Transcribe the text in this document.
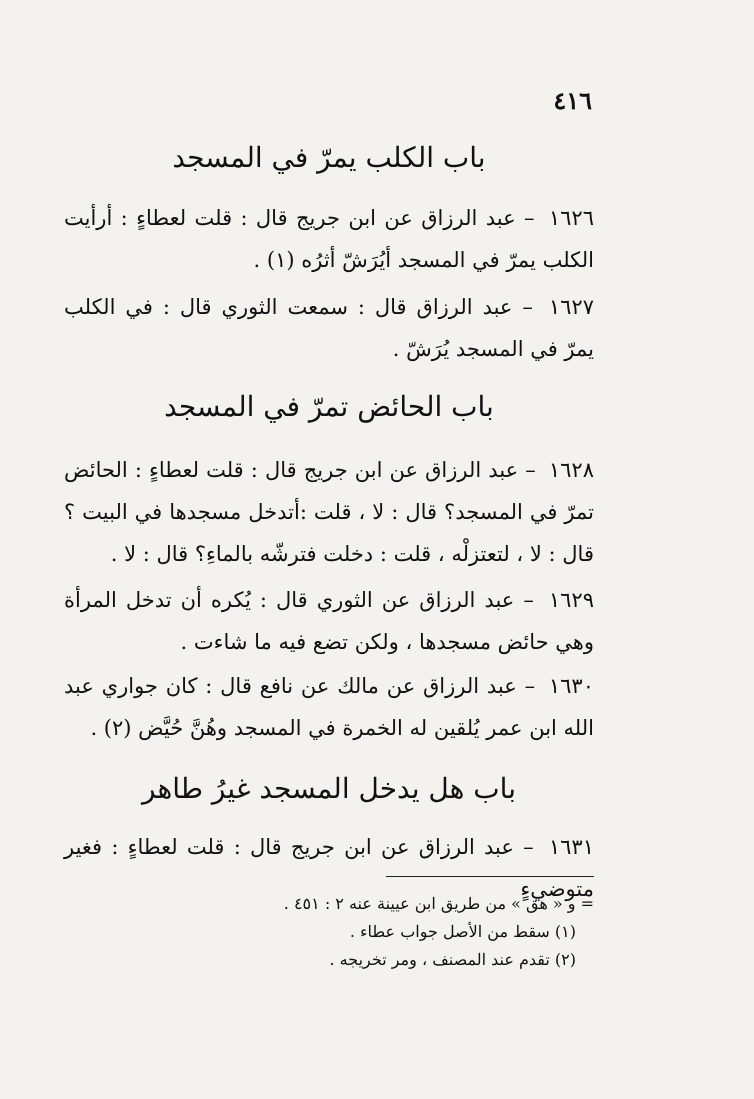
٤١٦
باب الكلب يمرّ في المسجد
١٦٢٦ – عبد الرزاق عن ابن جريج قال : قلت لعطاءٍ : أرأيت الكلب يمرّ في المسجد أيُرَشّ أثرُه (١) .
١٦٢٧ – عبد الرزاق قال : سمعت الثوري قال : في الكلب يمرّ في المسجد يُرَشّ .
باب الحائض تمرّ في المسجد
١٦٢٨ – عبد الرزاق عن ابن جريج قال : قلت لعطاءٍ : الحائض تمرّ في المسجد؟ قال : لا ، قلت :أتدخل مسجدها في البيت ؟ قال : لا ، لتعتزلْه ، قلت : دخلت فترشّه بالماءِ؟ قال : لا .
١٦٢٩ – عبد الرزاق عن الثوري قال : يُكره أن تدخل المرأة وهي حائض مسجدها ، ولكن تضع فيه ما شاءت .
١٦٣٠ – عبد الرزاق عن مالك عن نافع قال : كان جواري عبد الله ابن عمر يُلقين له الخمرة في المسجد وهُنَّ حُيَّض (٢) .
باب هل يدخل المسجد غيرُ طاهر
١٦٣١ – عبد الرزاق عن ابن جريج قال : قلت لعطاءٍ : فغير متوضيءٍ
= و « هق » من طريق ابن عيينة عنه ٢ : ٤٥١ .
(١) سقط من الأصل جواب عطاء .
(٢) تقدم عند المصنف ، ومر تخريجه .
